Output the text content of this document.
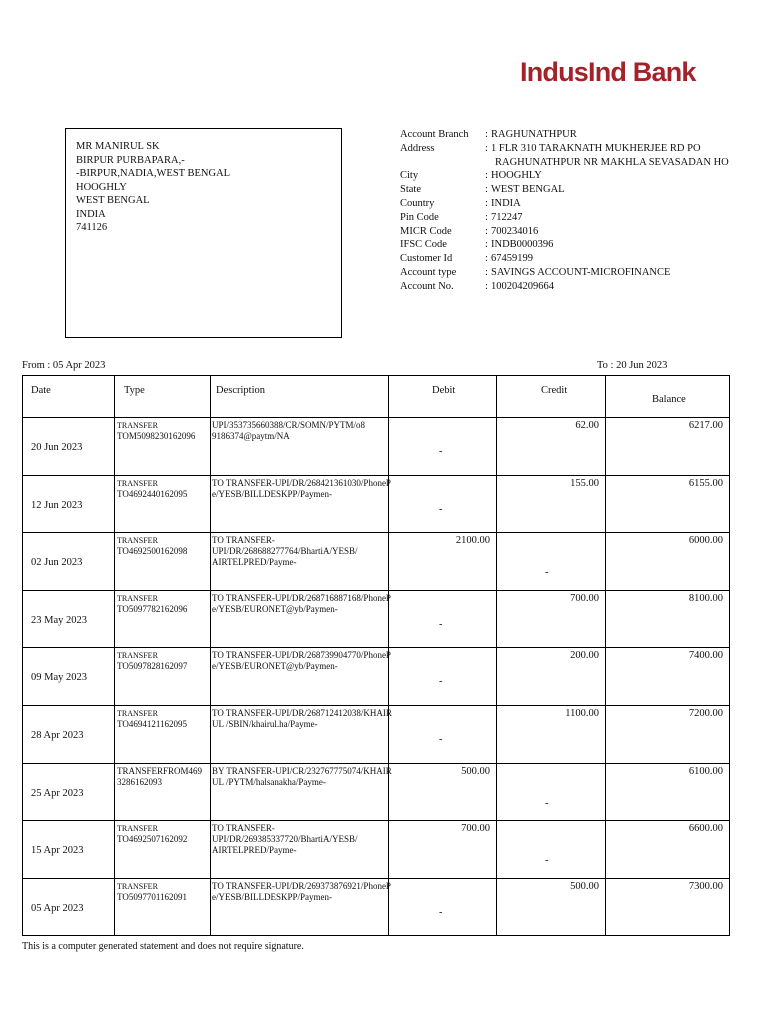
IndusInd Bank
MR MANIRUL SK
BIRPUR PURBAPARA,-
-BIRPUR,NADIA,WEST BENGAL
HOOGHLY
WEST BENGAL
INDIA
741126
Account Branch	: RAGHUNATHPUR
Address	: 1 FLR 310 TARAKNATH MUKHERJEE RD PO
RAGHUNATHPUR NR MAKHLA SEVASADAN HO
City	: HOOGHLY
State	: WEST BENGAL
Country	: INDIA
Pin Code	: 712247
MICR Code	: 700234016
IFSC Code	: INDB0000396
Customer Id	: 67459199
Account type	: SAVINGS ACCOUNT-MICROFINANCE
Account No.	: 100204209664
From : 05 Apr 2023	To : 20 Jun 2023
Date	Type	Description	Debit	Credit	Balance

20 Jun 2023	TRANSFER
TOM5098230162096	UPI/353735660388/CR/SOMN/PYTM/o8
9186374@paytm/NA	-	62.00	6217.00

12 Jun 2023	TRANSFER
TO4692440162095	TO TRANSFER-UPI/DR/268421361030/PhoneP
e/YESB/BILLDESKPP/Paymen-	-	155.00	6155.00

02 Jun 2023	TRANSFER
TO4692500162098	TO TRANSFER-
UPI/DR/268688277764/BhartiA/YESB/
AIRTELPRED/Payme-	2100.00	-	6000.00

23 May 2023	TRANSFER
TO5097782162096	TO TRANSFER-UPI/DR/268716887168/PhoneP
e/YESB/EURONET@yb/Paymen-	-	700.00	8100.00

09 May 2023	TRANSFER
TO5097828162097	TO TRANSFER-UPI/DR/268739904770/PhoneP
e/YESB/EURONET@yb/Paymen-	-	200.00	7400.00

28 Apr 2023	TRANSFER
TO4694121162095	TO TRANSFER-UPI/DR/268712412038/KHAIR
UL /SBIN/khairul.ha/Payme-	-	1100.00	7200.00

25 Apr 2023	TRANSFERFROM469
3286162093	BY TRANSFER-UPI/CR/232767775074/KHAIR
UL /PYTM/halsanakha/Payme-	500.00	-	6100.00

15 Apr 2023	TRANSFER
TO4692507162092	TO TRANSFER-
UPI/DR/269385337720/BhartiA/YESB/
AIRTELPRED/Payme-	700.00	-	6600.00

05 Apr 2023	TRANSFER
TO5097701162091	TO TRANSFER-UPI/DR/269373876921/PhoneP
e/YESB/BILLDESKPP/Paymen-	-	500.00	7300.00
This is a computer generated statement and does not require signature.
